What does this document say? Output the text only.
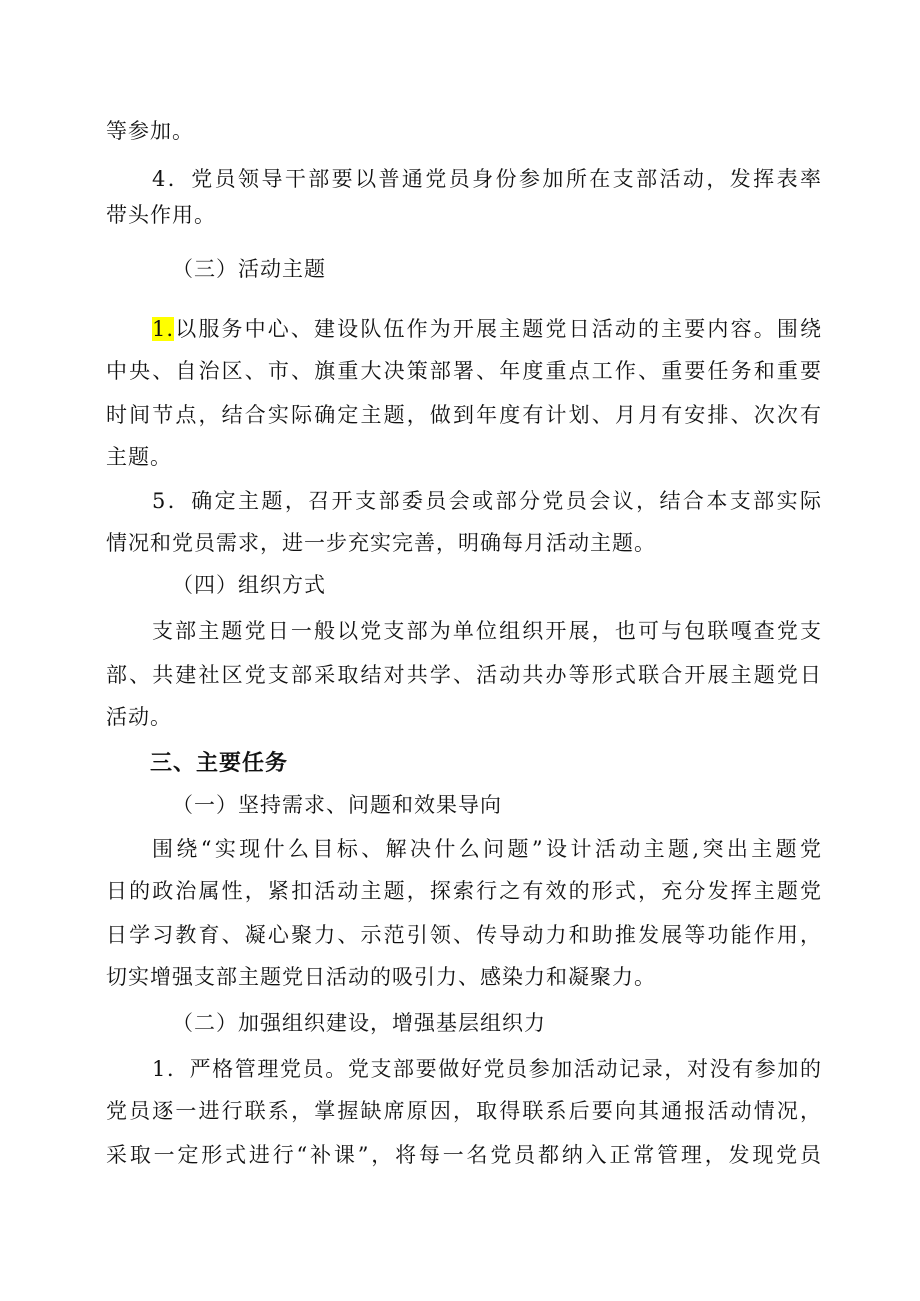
等参加。
4．党员领导干部要以普通党员身份参加所在支部活动，发挥表率
带头作用。
（三）活动主题
1.以服务中心、建设队伍作为开展主题党日活动的主要内容。围绕
中央、自治区、市、旗重大决策部署、年度重点工作、重要任务和重要
时间节点，结合实际确定主题，做到年度有计划、月月有安排、次次有
主题。
5．确定主题，召开支部委员会或部分党员会议，结合本支部实际
情况和党员需求，进一步充实完善，明确每月活动主题。
（四）组织方式
支部主题党日一般以党支部为单位组织开展，也可与包联嘎查党支
部、共建社区党支部采取结对共学、活动共办等形式联合开展主题党日
活动。
三、主要任务
（一）坚持需求、问题和效果导向
围绕“实现什么目标、解决什么问题”设计活动主题,突出主题党
日的政治属性，紧扣活动主题，探索行之有效的形式，充分发挥主题党
日学习教育、凝心聚力、示范引领、传导动力和助推发展等功能作用，
切实增强支部主题党日活动的吸引力、感染力和凝聚力。
（二）加强组织建设，增强基层组织力
1．严格管理党员。党支部要做好党员参加活动记录，对没有参加的
党员逐一进行联系，掌握缺席原因，取得联系后要向其通报活动情况，
采取一定形式进行“补课”，将每一名党员都纳入正常管理，发现党员
